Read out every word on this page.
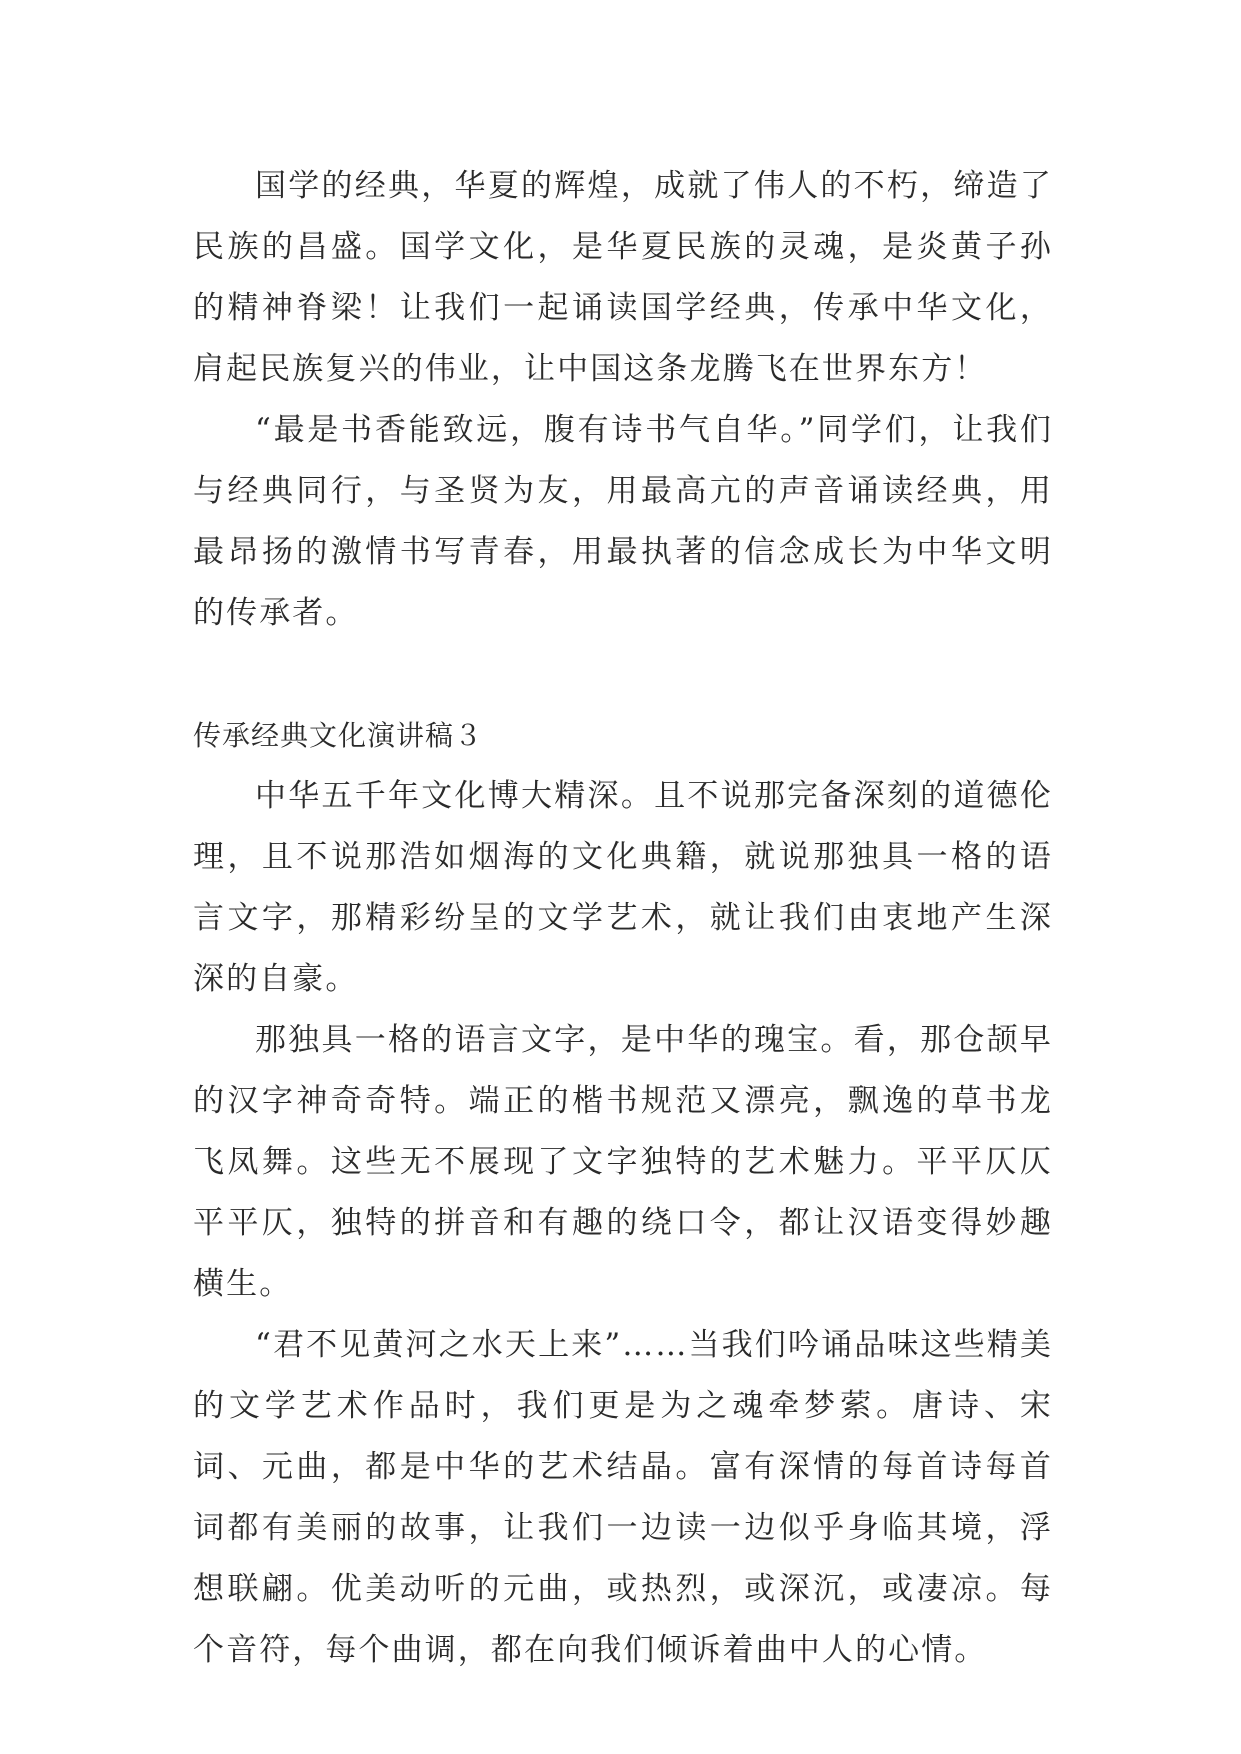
国学的经典，华夏的辉煌，成就了伟人的不朽，缔造了民族的昌盛。国学文化，是华夏民族的灵魂，是炎黄子孙的精神脊梁！让我们一起诵读国学经典，传承中华文化，肩起民族复兴的伟业，让中国这条龙腾飞在世界东方！

“最是书香能致远，腹有诗书气自华。”同学们，让我们与经典同行，与圣贤为友，用最高亢的声音诵读经典，用最昂扬的激情书写青春，用最执著的信念成长为中华文明的传承者。

传承经典文化演讲稿３

中华五千年文化博大精深。且不说那完备深刻的道德伦理，且不说那浩如烟海的文化典籍，就说那独具一格的语言文字，那精彩纷呈的文学艺术，就让我们由衷地产生深深的自豪。

那独具一格的语言文字，是中华的瑰宝。看，那仓颉早的汉字神奇奇特。端正的楷书规范又漂亮，飘逸的草书龙飞凤舞。这些无不展现了文字独特的艺术魅力。平平仄仄平平仄，独特的拼音和有趣的绕口令，都让汉语变得妙趣横生。

“君不见黄河之水天上来”……当我们吟诵品味这些精美的文学艺术作品时，我们更是为之魂牵梦萦。唐诗、宋词、元曲，都是中华的艺术结晶。富有深情的每首诗每首词都有美丽的故事，让我们一边读一边似乎身临其境，浮想联翩。优美动听的元曲，或热烈，或深沉，或凄凉。每个音符，每个曲调，都在向我们倾诉着曲中人的心情。
